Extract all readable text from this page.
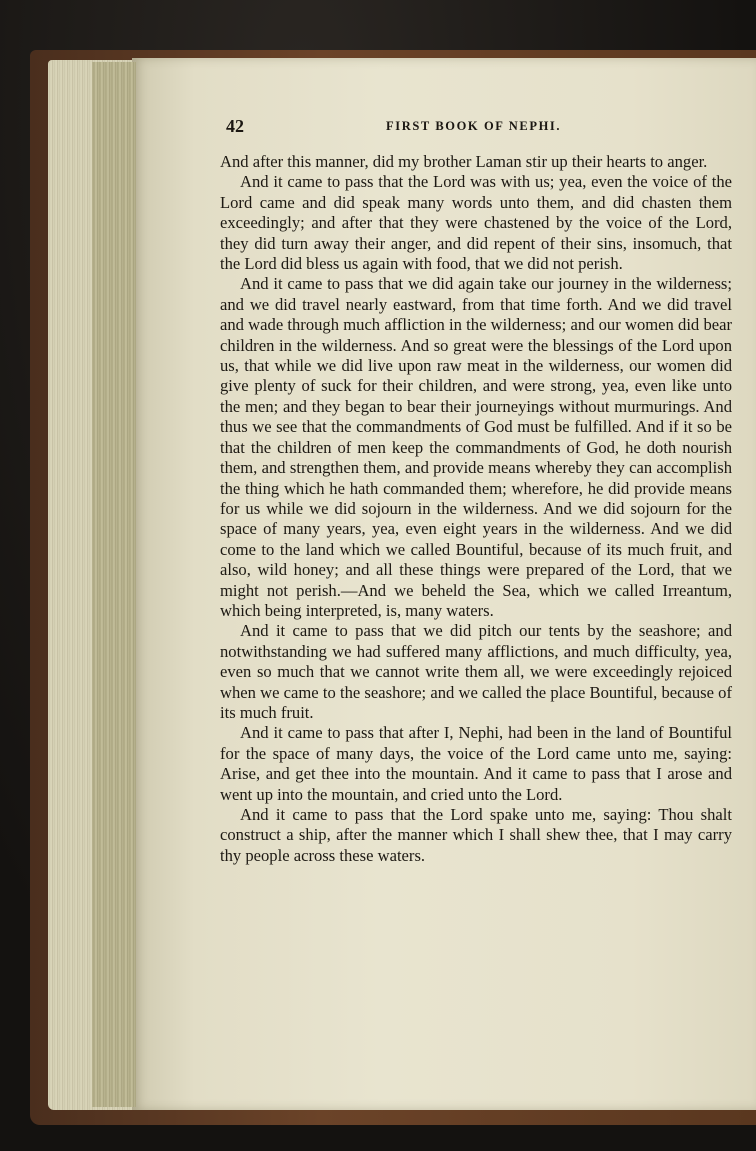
42	FIRST BOOK OF NEPHI.

And after this manner, did my brother Laman stir up their hearts to anger.

And it came to pass that the Lord was with us; yea, even the voice of the Lord came and did speak many words unto them, and did chasten them exceedingly; and after that they were chastened by the voice of the Lord, they did turn away their anger, and did repent of their sins, insomuch, that the Lord did bless us again with food, that we did not perish.

And it came to pass that we did again take our journey in the wilderness; and we did travel nearly eastward, from that time forth. And we did travel and wade through much affliction in the wilderness; and our women did bear children in the wilderness. And so great were the blessings of the Lord upon us, that while we did live upon raw meat in the wilderness, our women did give plenty of suck for their children, and were strong, yea, even like unto the men; and they began to bear their journeyings without murmurings. And thus we see that the commandments of God must be fulfilled. And if it so be that the children of men keep the commandments of God, he doth nourish them, and strengthen them, and provide means whereby they can accomplish the thing which he hath commanded them; wherefore, he did provide means for us while we did sojourn in the wilderness. And we did sojourn for the space of many years, yea, even eight years in the wilderness. And we did come to the land which we called Bountiful, because of its much fruit, and also, wild honey; and all these things were prepared of the Lord, that we might not perish.—And we beheld the Sea, which we called Irreantum, which being interpreted, is, many waters.

And it came to pass that we did pitch our tents by the seashore; and notwithstanding we had suffered many afflictions, and much difficulty, yea, even so much that we cannot write them all, we were exceedingly rejoiced when we came to the seashore; and we called the place Bountiful, because of its much fruit.

And it came to pass that after I, Nephi, had been in the land of Bountiful for the space of many days, the voice of the Lord came unto me, saying: Arise, and get thee into the mountain. And it came to pass that I arose and went up into the mountain, and cried unto the Lord.

And it came to pass that the Lord spake unto me, saying: Thou shalt construct a ship, after the manner which I shall shew thee, that I may carry thy people across these waters.
